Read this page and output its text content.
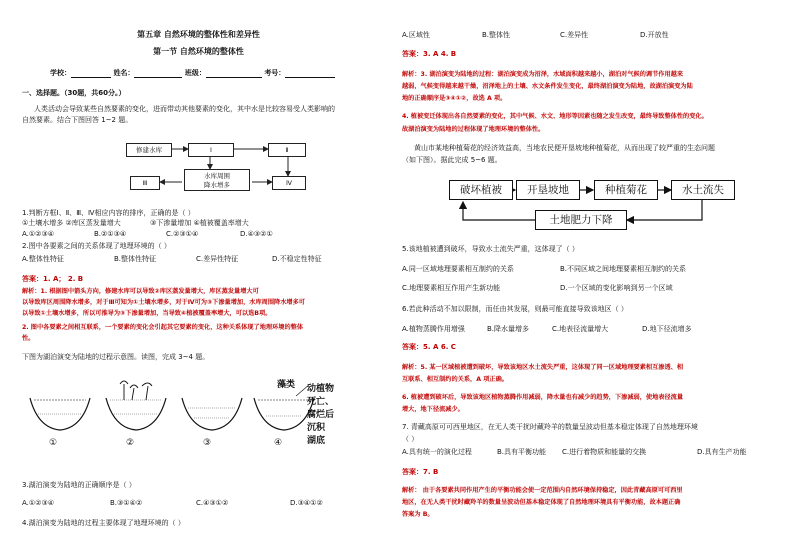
第五章 自然环境的整体性和差异性
第一节 自然环境的整体性
学校：	姓名：	班级：	考号：
一、选择题。（30题，共60分。）
人类活动会导致某些自然要素的变化，进而带动其他要素的变化，其中水是比较容易受人类影响的
自然要素。结合下图回答 1~2 题。
修建水库	Ⅰ	Ⅱ
Ⅲ
水库周围
降水增多	Ⅳ
1.判断方框Ⅰ、Ⅱ、Ⅲ、Ⅳ相应内容的排序，正确的是（ ）
①土壤水增多 ②库区蒸发量增大	③下渗量增加 ④植被覆盖率增大
A.①②③④	B.②①③④	C.②③①④	D.④③②①
2.图中各要素之间的关系体现了地理环境的（ ）
A.整体性特征	B.整体性特征	C.差异性特征	D.不稳定性特征
答案：1. A； 2. B
解析：1. 根据图中箭头方向，修建水库可以导致②库区蒸发量增大，库区蒸发量增大可
以导致库区周围降水增多，对于Ⅲ可知为①土壤水增多，对于Ⅳ可为③下渗量增加，水库周围降水增多可
以导致①土壤水增多，所以可推导为③下渗量增加，当导致④植被覆盖率增大，可以选B项。
2. 图中各要素之间相互联系，一个要素的变化会引起其它要素的变化，这种关系体现了地理环境的整体
性。
下图为湖泊演变为陆地的过程示意图。读图，完成 3~4 题。
①	②	③	④
藻类 动植物
死亡、
腐烂后
沉积
湖底
3.湖泊演变为陆地的正确顺序是（ ）
A.①②③④	B.③①④②	C.④③①②	D.③④①②
4.湖泊演变为陆地的过程主要体现了地理环境的（ ）
A.区域性	B.整体性	C.差异性	D.开放性
答案：3. A 4. B
解析：3. 湖泊演变为陆地的过程：湖泊演变成为沼泽，水域面积越来越小，湖泊对气候的调节作用越来
越弱，气候变得越来越干燥，沼泽地上的土壤、水文条件发生变化，最终湖泊演变为陆地，故湖泊演变为陆
地的正确顺序是③④①②，故选 A 项。
4. 植被变迁体现出各自然要素的变化，其中气候、水文、地形等因素也随之发生改变，最终导致整体性的变化。
故湖泊演变为陆地的过程体现了地理环境的整体性。
黄山市某地种植菊花的经济效益高，当地农民便开垦坡地种植菊花，从而出现了较严重的生态问题
（如下图）。据此完成 5~6 题。
破坏植被	开垦坡地	种植菊花	水土流失
土地肥力下降
5.该地植被遭到破坏，导致水土流失严重，这体现了（ ）
A.同一区域地理要素相互制约的关系	B.不同区域之间地理要素相互制约的关系
C.地理要素相互作用产生新功能	D.一个区域的变化影响到另一个区域
6.若此种活动不加以限制，而任由其发展，则最可能直接导致该地区（ ）
A.植物蒸腾作用增强	B.降水量增多	C.地表径流量增大	D.地下径流增多
答案：5. A 6. C
解析：5. 某一区域植被遭到破坏，导致该地区水土流失严重，这体现了同一区域地理要素相互渗透、相
互联系、相互制约的关系，A 项正确。
6. 植被遭到破坏后，导致该地区植物蒸腾作用减弱，降水量也有减少的趋势，下渗减弱，使地表径流量
增大，地下径流减少。
7. 青藏高原可可西里地区，在无人类干扰时藏羚羊的数量呈波动但基本稳定体现了自然地理环境
（ ）
A.具有统一的演化过程	B.具有平衡功能 C.进行着物质和能量的交换	D.具有生产功能
答案：7. B
解析： 由于各要素共同作用产生的平衡功能会使一定范围内自然环境保持稳定，因此青藏高原可可西里
地区，在无人类干扰时藏羚羊的数量呈波动但基本稳定体现了自然地理环境具有平衡功能，故本题正确
答案为 B。
